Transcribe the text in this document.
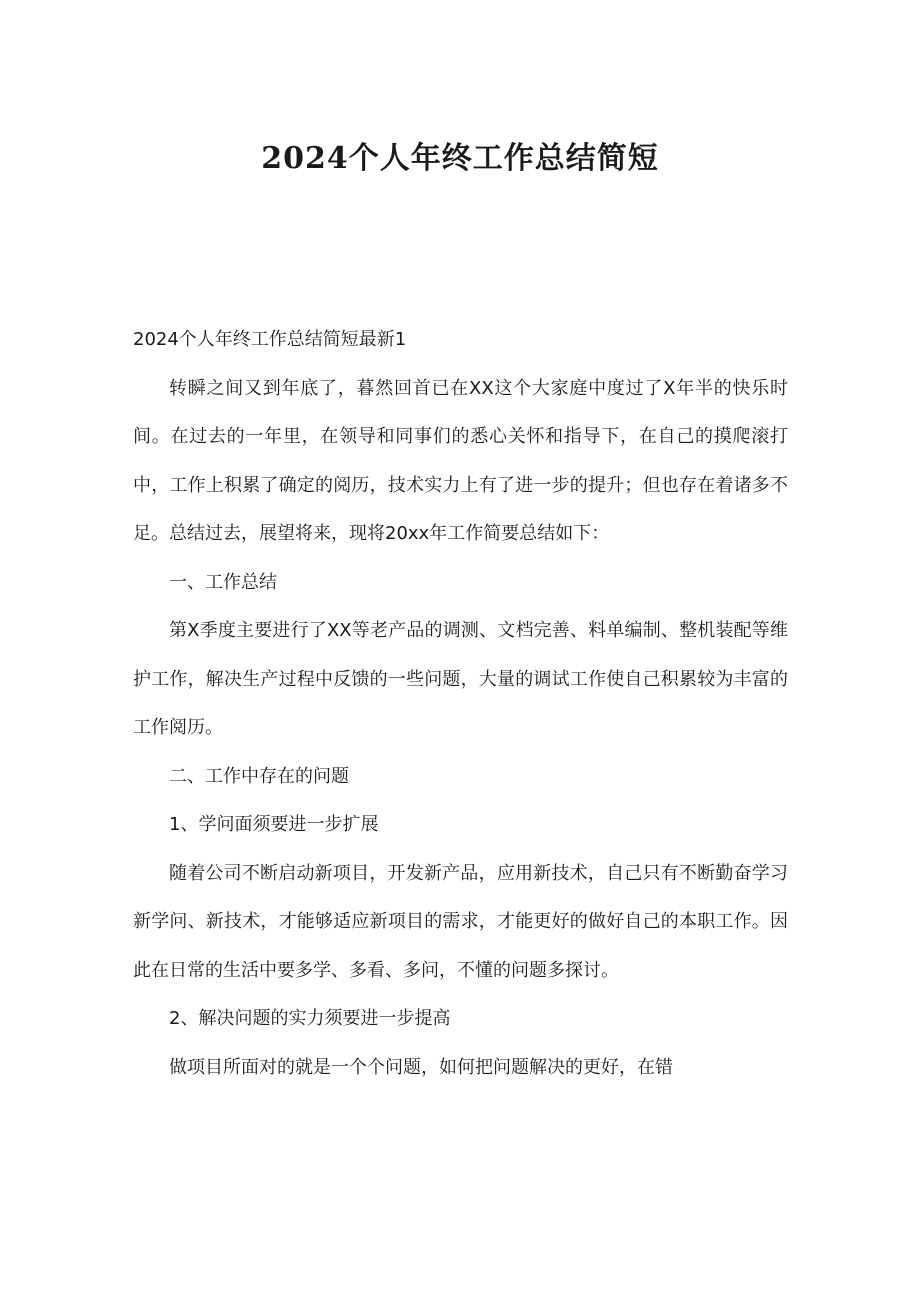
2024个人年终工作总结简短

2024个人年终工作总结简短最新1

转瞬之间又到年底了，暮然回首已在XX这个大家庭中度过了X年半的快乐时间。在过去的一年里，在领导和同事们的悉心关怀和指导下，在自己的摸爬滚打中，工作上积累了确定的阅历，技术实力上有了进一步的提升；但也存在着诸多不足。总结过去，展望将来，现将20xx年工作简要总结如下：

一、工作总结

第X季度主要进行了XX等老产品的调测、文档完善、料单编制、整机装配等维护工作，解决生产过程中反馈的一些问题，大量的调试工作使自己积累较为丰富的工作阅历。

二、工作中存在的问题

1、学问面须要进一步扩展

随着公司不断启动新项目，开发新产品，应用新技术，自己只有不断勤奋学习新学问、新技术，才能够适应新项目的需求，才能更好的做好自己的本职工作。因此在日常的生活中要多学、多看、多问，不懂的问题多探讨。

2、解决问题的实力须要进一步提高

做项目所面对的就是一个个问题，如何把问题解决的更好，在错
